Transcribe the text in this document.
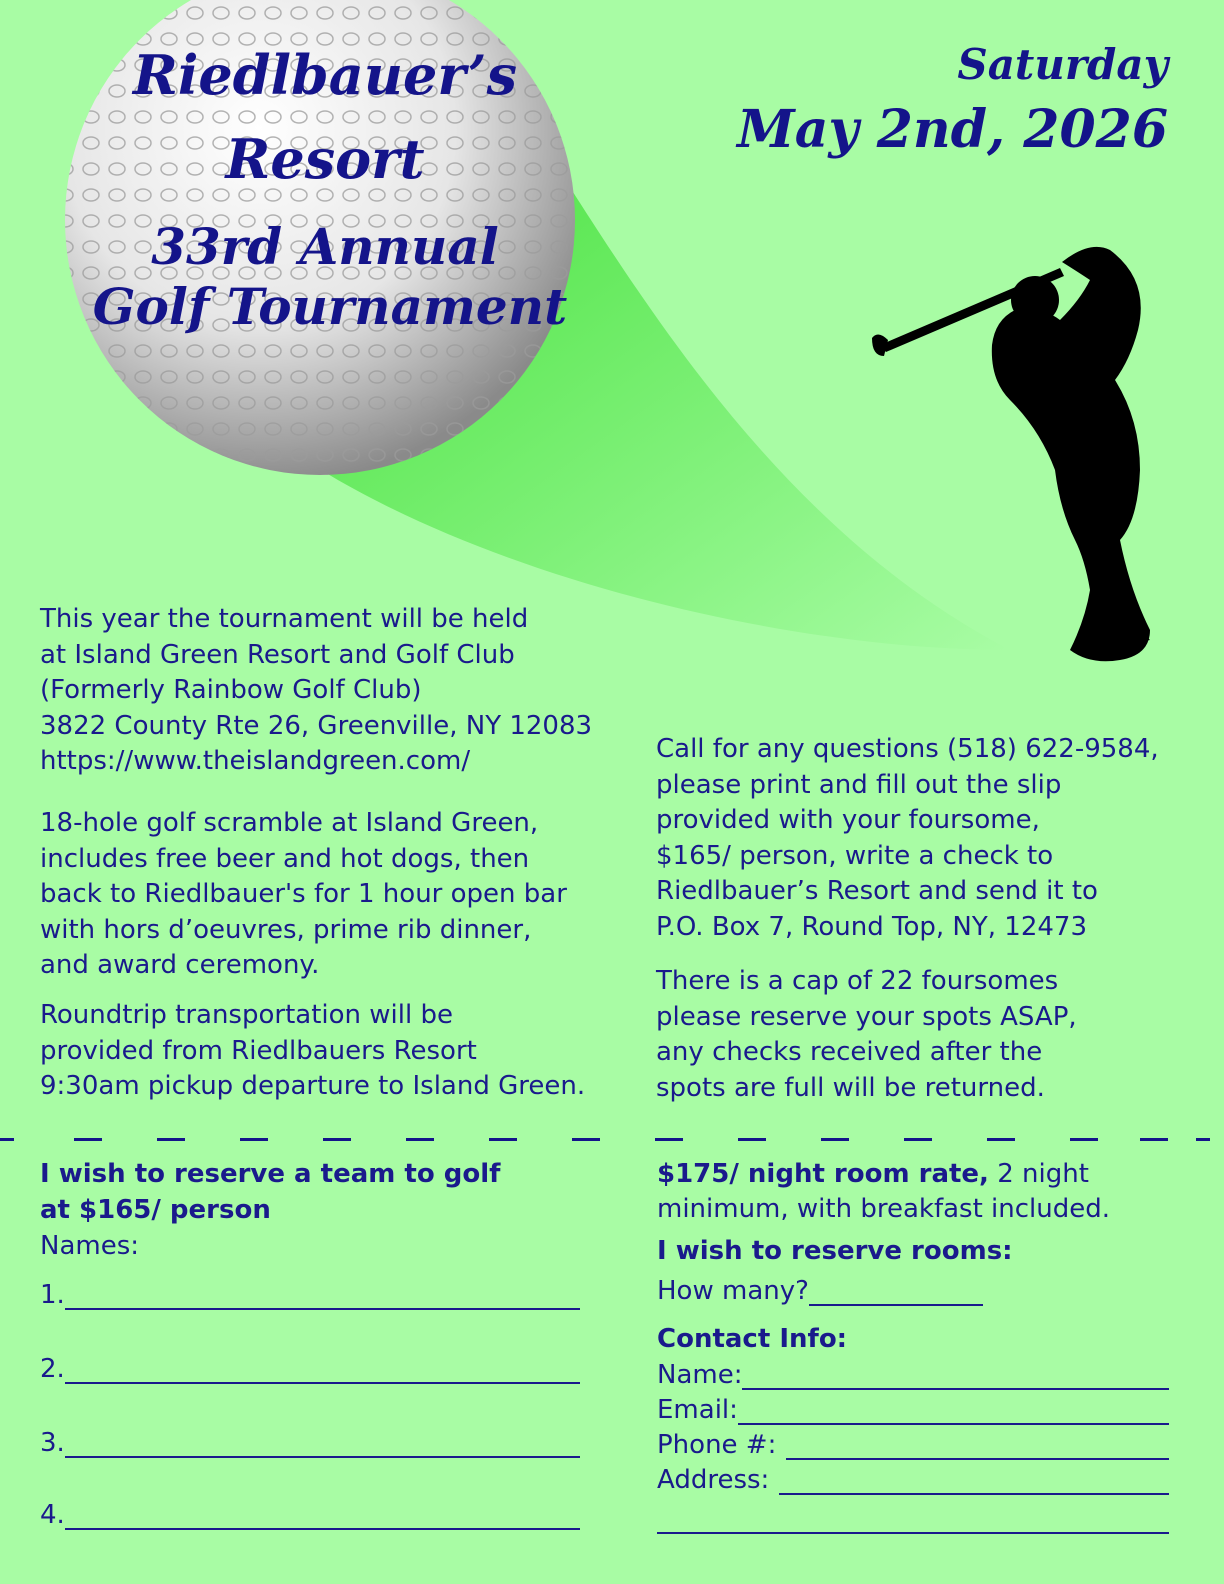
Riedlbauer’s
Resort
33rd Annual
Golf Tournament
Saturday
May 2nd, 2026
This year the tournament will be held
at Island Green Resort and Golf Club
(Formerly Rainbow Golf Club)
3822 County Rte 26, Greenville, NY 12083
https://www.theislandgreen.com/
18-hole golf scramble at Island Green,
includes free beer and hot dogs, then
back to Riedlbauer's for 1 hour open bar
with hors d’oeuvres, prime rib dinner,
and award ceremony.
Roundtrip transportation will be
provided from Riedlbauers Resort
9:30am pickup departure to Island Green.
Call for any questions (518) 622-9584,
please print and fill out the slip
provided with your foursome,
$165/ person, write a check to
Riedlbauer’s Resort and send it to
P.O. Box 7, Round Top, NY, 12473
There is a cap of 22 foursomes
please reserve your spots ASAP,
any checks received after the
spots are full will be returned.
I wish to reserve a team to golf
at $165/ person
Names:
1.
2.
3.
4.
$175/ night room rate, 2 night
minimum, with breakfast included.
I wish to reserve rooms:
How many?
Contact Info:
Name:
Email:
Phone #:
Address:
